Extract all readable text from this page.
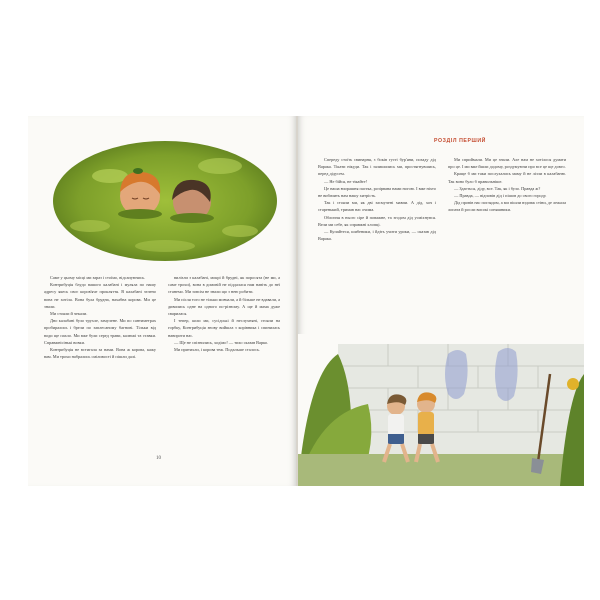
Саме у цьому місці ми зараз і стоїмо, відсапуючись.

Контрибуція блудо вашого калабані і муляла по нашу адресу якесь своє коров'яче прокляття. В калабані зелено вона не хотіла. Вона була брудна, нахабна корова. Ми це знали.

Ми стояли й чекали.

Дно калабані було трухле, замулене. Ми по сантиметрах пробирались і брели по заплесаному багнові. Тільки від води ще пахло. Ми вже були серед трави, калюжі та ставки. Справжнісінькі вовки.

Контрибуція не встигала за нами. Вона ж корова, кажу вам. Ми трохи набрались сміливості й пішли далі.

вилізли з калабані, мокрі й брудні, як поросята (не ми, а саме трохи), вона в домовій не піддалася нам навіть до неї станемо. Ми зовсім не знали що з нею робити.

Ми після того не тільки мовчали, а й більше не вдавали, а дивились одне на одного по-різному. А ще й мама дуже сварилася.

І тепер, коли ми, сусідські й неслухняні, стояли на горбку, Контрибуція знову вийшла з корівника і спинилась навпроти нас.

— Ще не спізнились, ходімо! — тихо сказав Варко.

Ми притихли, і корова теж. Подальше сталось.

10
РОЗДІЛ ПЕРШИЙ

Спереду стоїть свинарня, з боків густі бур'яни, позаду дід Варака. Тікати нікуди. Так і залишились ми, простягнувшись, перед дідусем.

— Не бійся, не тікайте!

Це наша вчорашня пастка, розірвана нами ногою. І вже ніхто не вибачить нам нашу хитрість.

Так і стояли ми, як дві засмучені мавпи. А дід, хоч і старенький, тримав нас очима.

Обличчя в нього сіре й поважне, та згодом дід усміхнувся. Вели ми себе, як справжні хлопці.

— Купайтеся, шибеники, і йдіть учити уроки, — сказав дід Варака.

Ми сприймали. Ми це знали. Але нам не хотілося думати про це. І ми вже йшли додому, роздумуючи про все це ще довго.

Краще б ми таки послухались маму й не лізли в калабаню. Так воно було б правильніше.

— Здається, діду, все. Так, як і було. Правда ж?

— Правда, — відповів дід і пішов до свого городу.

Дід провів нас поглядом, а ми пішли вздовж стіни, де лежала лопата й росли високі соняшники.
